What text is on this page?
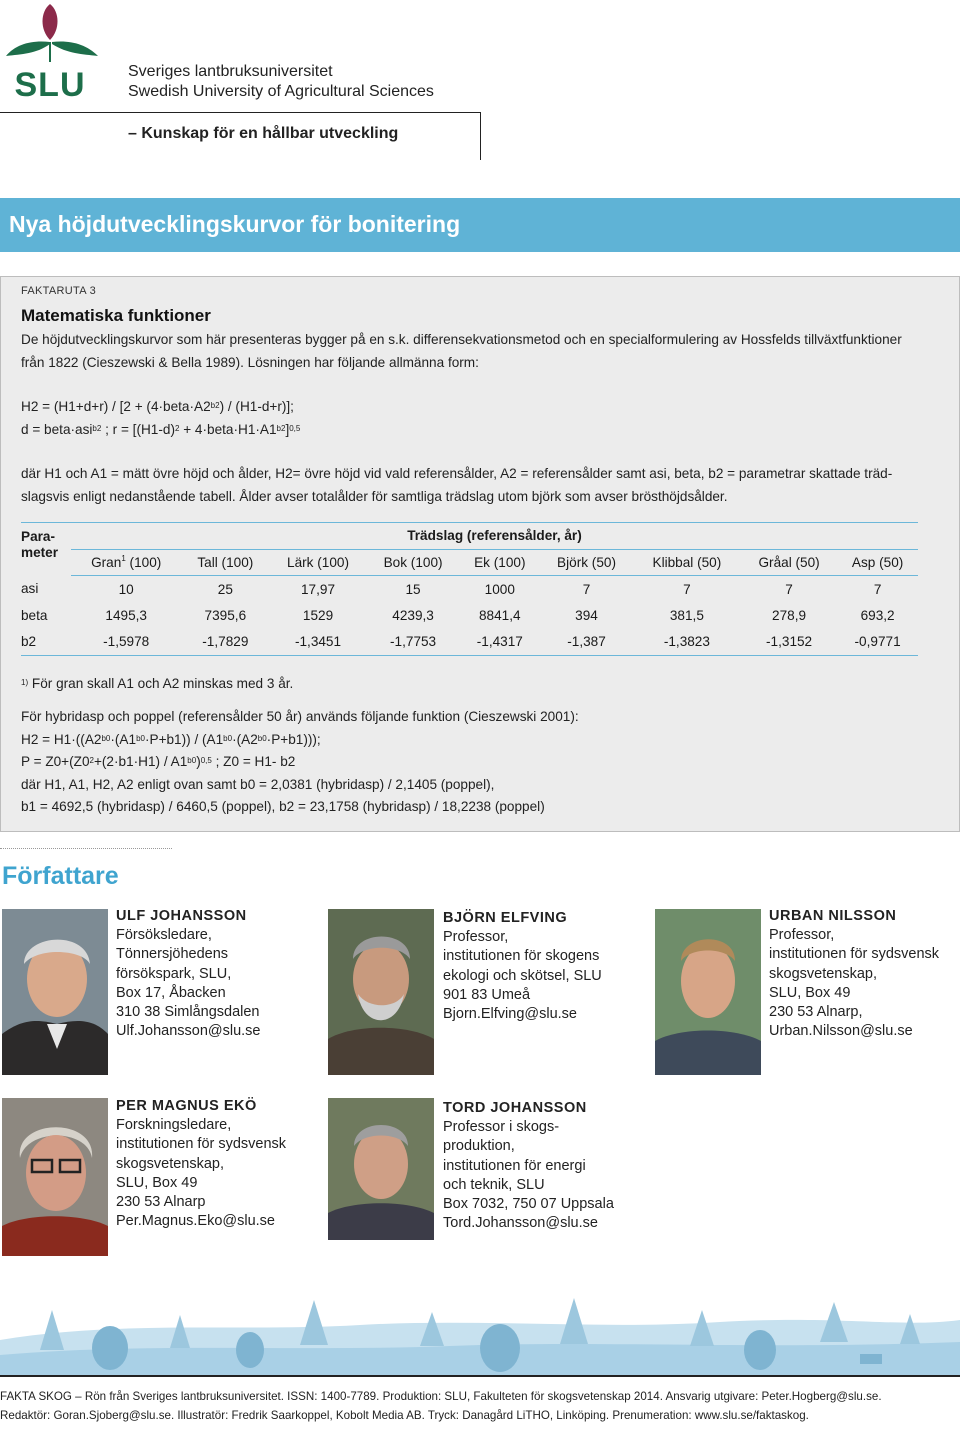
SLU	Sveriges lantbruksuniversitet
Swedish University of Agricultural Sciences
– Kunskap för en hållbar utveckling
Nya höjdutvecklingskurvor för bonitering
FAKTARUTA 3
Matematiska funktioner
De höjdutvecklingskurvor som här presenteras bygger på en s.k. differensekvationsmetod och en specialformulering av Hossfelds tillväxtfunktioner
från 1822 (Cieszewski & Bella 1989). Lösningen har följande allmänna form:
$H2 = (H1+d+r) / [2 + (4\cdot beta\cdot A2^{b2}) / (H1-d+r)]$;
d = beta·asi$^{b2}$ ; $r = [(H1-d)^2$ + $4\cdot beta\cdot H1\cdot A1^{b2}]^{0,5}$
där H1 och A1 = mätt övre höjd och ålder, H2= övre höjd vid vald referensålder, A2 = referensålder samt asi, beta, b2 = parametrar skattade träd-
slagsvis enligt nedanstående tabell. Ålder avser totalålder för samtliga trädslag utom björk som avser brösthöjdsålder.
Para-
meter	Trädslag (referensålder, år)								
	Gran$^1$ (100)	Tall (100)	Lärk (100)	Bok (100)	Ek (100)	Björk (50)	Klibbal (50)	Gråal (50)	Asp (50)
asi	10	25	17,97	15	1000	7	7	7	7
beta	1495,3	7395,6	1529	4239,3	8841,4	394	381,5	278,9	693,2
b2	-1,5978	-1,7829	-1,3451	-1,7753	-1,4317	-1,387	-1,3823	-1,3152	-0,9771
$^{1)}$ För gran skall A1 och A2 minskas med 3 år.
För hybridasp och poppel (referensålder 50 år) används följande funktion (Cieszewski 2001):
$H2 = H1\cdot((A2^{b0}\cdot(A1^{b0}\cdot P+b1)) / (A1^{b0}\cdot(A2^{b0}\cdot P+b1)))$;
$P = Z0+(Z0^2+(2\cdot b1\cdot H1) / A1^{b0})^{0,5}$ ; Z0 = H1- b2
där H1, A1, H2, A2 enligt ovan samt b0 = 2,0381 (hybridasp) / 2,1405 (poppel),
b1 = 4692,5 (hybridasp) / 6460,5 (poppel), b2 = 23,1758 (hybridasp) / 18,2238 (poppel)
Författare
ULF JOHANSSON
Försöksledare,
Tönnersjöhedens
försökspark, SLU,
Box 17, Åbacken
310 38 Simlångsdalen
Ulf.Johansson@slu.se
BJÖRN ELFVING
Professor,
institutionen för skogens
ekologi och skötsel, SLU
901 83 Umeå
Bjorn.Elfving@slu.se
URBAN NILSSON
Professor,
institutionen för sydsvensk
skogsvetenskap,
SLU, Box 49
230 53 Alnarp,
Urban.Nilsson@slu.se
PER MAGNUS EKÖ
Forskningsledare,
institutionen för sydsvensk
skogsvetenskap,
SLU, Box 49
230 53 Alnarp
Per.Magnus.Eko@slu.se
TORD JOHANSSON
Professor i skogs-
produktion,
institutionen för energi
och teknik, SLU
Box 7032, 750 07 Uppsala
Tord.Johansson@slu.se
FAKTA SKOG – Rön från Sveriges lantbruksuniversitet. ISSN: 1400-7789. Produktion: SLU, Fakulteten för skogsvetenskap 2014. Ansvarig utgivare: Peter.Hogberg@slu.se.
Redaktör: Goran.Sjoberg@slu.se. Illustratör: Fredrik Saarkoppel, Kobolt Media AB. Tryck: Danagård LiTHO, Linköping. Prenumeration: www.slu.se/faktaskog.
